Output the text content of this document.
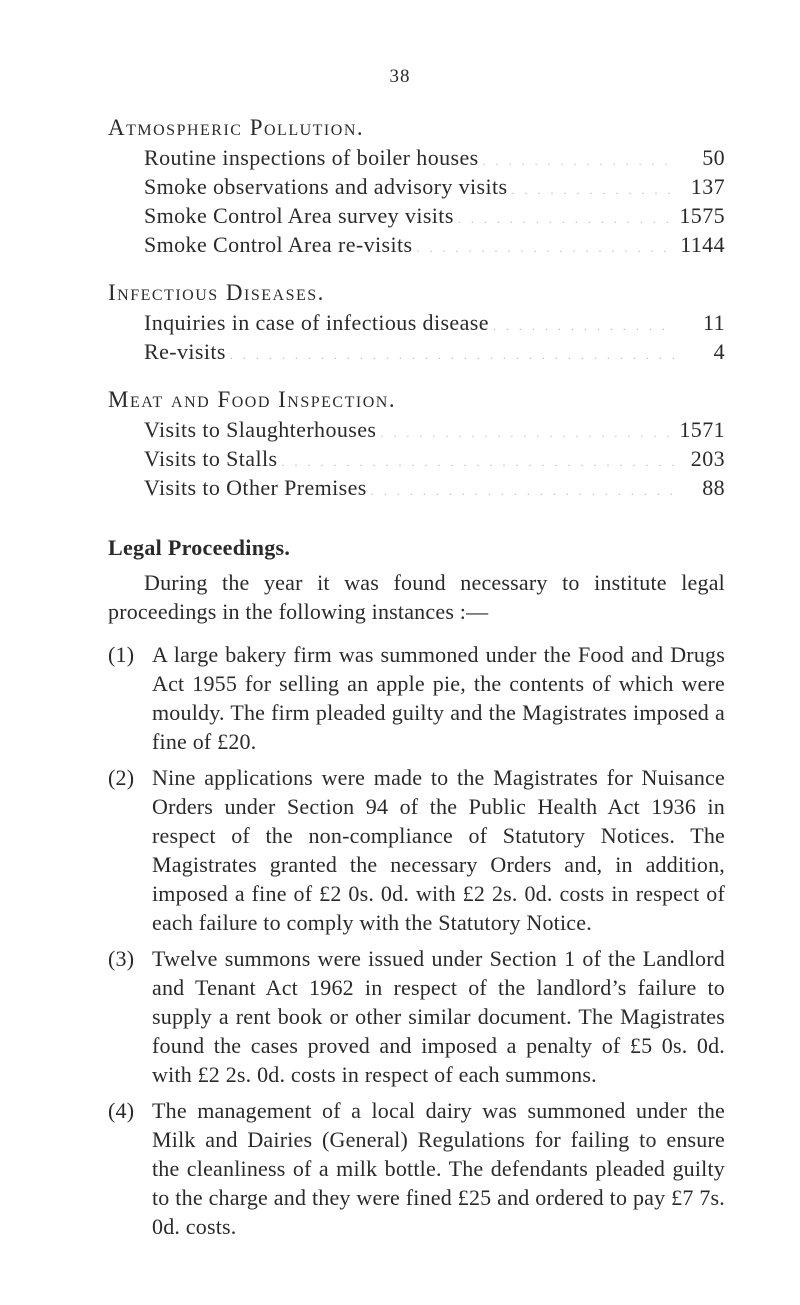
38
Atmospheric Pollution.
Routine inspections of boiler houses .....	50
Smoke observations and advisory visits .....	137
Smoke Control Area survey visits .....	1575
Smoke Control Area re-visits .....	1144
Infectious Diseases.
Inquiries in case of infectious disease .....	11
Re-visits .....	4
Meat and Food Inspection.
Visits to Slaughterhouses .....	1571
Visits to Stalls .....	203
Visits to Other Premises .....	88
Legal Proceedings.

During the year it was found necessary to institute legal proceedings in the following instances :—

(1) A large bakery firm was summoned under the Food and Drugs Act 1955 for selling an apple pie, the contents of which were mouldy. The firm pleaded guilty and the Magistrates imposed a fine of £20.
(2) Nine applications were made to the Magistrates for Nuisance Orders under Section 94 of the Public Health Act 1936 in respect of the non-compliance of Statutory Notices. The Magistrates granted the necessary Orders and, in addition, imposed a fine of £2 0s. 0d. with £2 2s. 0d. costs in respect of each failure to comply with the Statutory Notice.
(3) Twelve summons were issued under Section 1 of the Landlord and Tenant Act 1962 in respect of the landlord’s failure to supply a rent book or other similar document. The Magistrates found the cases proved and imposed a penalty of £5 0s. 0d. with £2 2s. 0d. costs in respect of each summons.
(4) The management of a local dairy was summoned under the Milk and Dairies (General) Regulations for failing to ensure the cleanliness of a milk bottle. The defendants pleaded guilty to the charge and they were fined £25 and ordered to pay £7 7s. 0d. costs.
